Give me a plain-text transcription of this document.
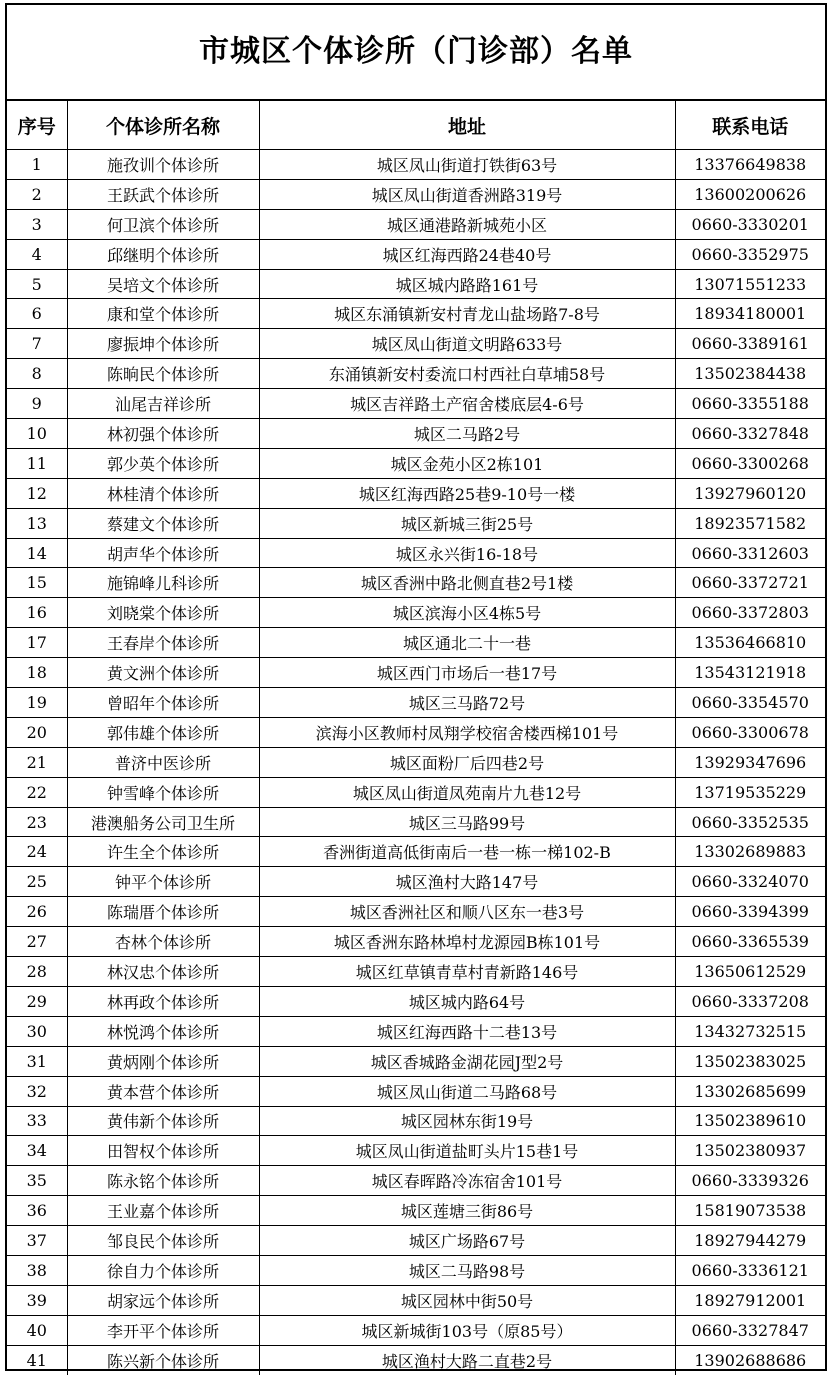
市城区个体诊所（门诊部）名单
序号	个体诊所名称	地址	联系电话
1	施孜训个体诊所	城区凤山街道打铁街63号	13376649838
2	王跃武个体诊所	城区凤山街道香洲路319号	13600200626
3	何卫滨个体诊所	城区通港路新城苑小区	0660-3330201
4	邱继明个体诊所	城区红海西路24巷40号	0660-3352975
5	吴培文个体诊所	城区城内路路161号	13071551233
6	康和堂个体诊所	城区东涌镇新安村青龙山盐场路7-8号	18934180001
7	廖振坤个体诊所	城区凤山街道文明路633号	0660-3389161
8	陈晌民个体诊所	东涌镇新安村委流口村西社白草埔58号	13502384438
9	汕尾吉祥诊所	城区吉祥路土产宿舍楼底层4-6号	0660-3355188
10	林初强个体诊所	城区二马路2号	0660-3327848
11	郭少英个体诊所	城区金苑小区2栋101	0660-3300268
12	林桂清个体诊所	城区红海西路25巷9-10号一楼	13927960120
13	蔡建文个体诊所	城区新城三街25号	18923571582
14	胡声华个体诊所	城区永兴街16-18号	0660-3312603
15	施锦峰儿科诊所	城区香洲中路北侧直巷2号1楼	0660-3372721
16	刘晓棠个体诊所	城区滨海小区4栋5号	0660-3372803
17	王春岸个体诊所	城区通北二十一巷	13536466810
18	黄文洲个体诊所	城区西门市场后一巷17号	13543121918
19	曾昭年个体诊所	城区三马路72号	0660-3354570
20	郭伟雄个体诊所	滨海小区教师村凤翔学校宿舍楼西梯101号	0660-3300678
21	普济中医诊所	城区面粉厂后四巷2号	13929347696
22	钟雪峰个体诊所	城区凤山街道凤苑南片九巷12号	13719535229
23	港澳船务公司卫生所	城区三马路99号	0660-3352535
24	许生全个体诊所	香洲街道高低街南后一巷一栋一梯102-B	13302689883
25	钟平个体诊所	城区渔村大路147号	0660-3324070
26	陈瑞厝个体诊所	城区香洲社区和顺八区东一巷3号	0660-3394399
27	杏林个体诊所	城区香洲东路林埠村龙源园B栋101号	0660-3365539
28	林汉忠个体诊所	城区红草镇青草村青新路146号	13650612529
29	林再政个体诊所	城区城内路64号	0660-3337208
30	林悦鸿个体诊所	城区红海西路十二巷13号	13432732515
31	黄炳刚个体诊所	城区香城路金湖花园J型2号	13502383025
32	黄本营个体诊所	城区凤山街道二马路68号	13302685699
33	黄伟新个体诊所	城区园林东街19号	13502389610
34	田智权个体诊所	城区凤山街道盐町头片15巷1号	13502380937
35	陈永铭个体诊所	城区春晖路冷冻宿舍101号	0660-3339326
36	王业嘉个体诊所	城区莲塘三街86号	15819073538
37	邹良民个体诊所	城区广场路67号	18927944279
38	徐自力个体诊所	城区二马路98号	0660-3336121
39	胡家远个体诊所	城区园林中街50号	18927912001
40	李开平个体诊所	城区新城街103号（原85号）	0660-3327847
41	陈兴新个体诊所	城区渔村大路二直巷2号	13902688686
